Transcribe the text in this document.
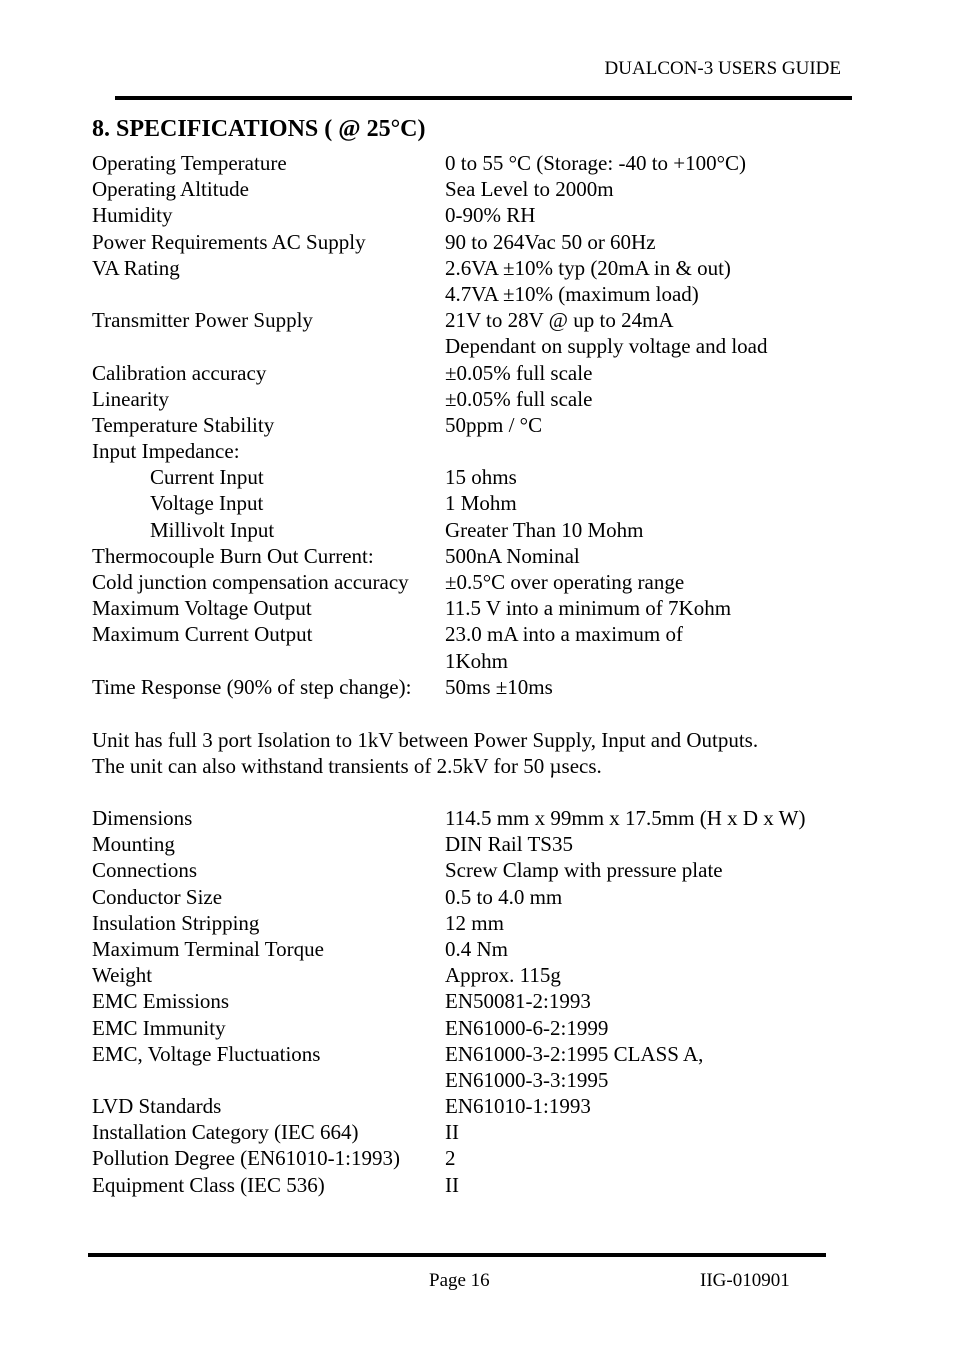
DUALCON-3 USERS GUIDE
8. SPECIFICATIONS ( @ 25°C)
Operating Temperature	0 to 55 °C (Storage: -40 to +100°C)
Operating Altitude	Sea Level to 2000m
Humidity	0-90% RH
Power Requirements AC Supply	90 to 264Vac 50 or 60Hz
VA Rating	2.6VA ±10% typ (20mA in & out)
4.7VA ±10% (maximum load)
Transmitter Power Supply	21V to 28V @ up to 24mA
Dependant on supply voltage and load
Calibration accuracy	±0.05% full scale
Linearity	±0.05% full scale
Temperature Stability	50ppm / °C
Input Impedance:
Current Input	15 ohms
Voltage Input	1 Mohm
Millivolt Input	Greater Than 10 Mohm
Thermocouple Burn Out Current:	500nA Nominal
Cold junction compensation accuracy	±0.5°C over operating range
Maximum Voltage Output	11.5 V into a minimum of 7Kohm
Maximum Current Output	23.0 mA into a maximum of
1Kohm
Time Response (90% of step change):	50ms ±10ms
Unit has full 3 port Isolation to 1kV between Power Supply, Input and Outputs.
The unit can also withstand transients of 2.5kV for 50 µsecs.
Dimensions	114.5 mm x 99mm x 17.5mm (H x D x W)
Mounting	DIN Rail TS35
Connections	Screw Clamp with pressure plate
Conductor Size	0.5 to 4.0 mm
Insulation Stripping	12 mm
Maximum Terminal Torque	0.4 Nm
Weight	Approx. 115g
EMC Emissions	EN50081-2:1993
EMC Immunity	EN61000-6-2:1999
EMC, Voltage Fluctuations	EN61000-3-2:1995 CLASS A,
EN61000-3-3:1995
LVD Standards	EN61010-1:1993
Installation Category (IEC 664)	II
Pollution Degree (EN61010-1:1993)	2
Equipment Class (IEC 536)	II
Page 16	IIG-010901
